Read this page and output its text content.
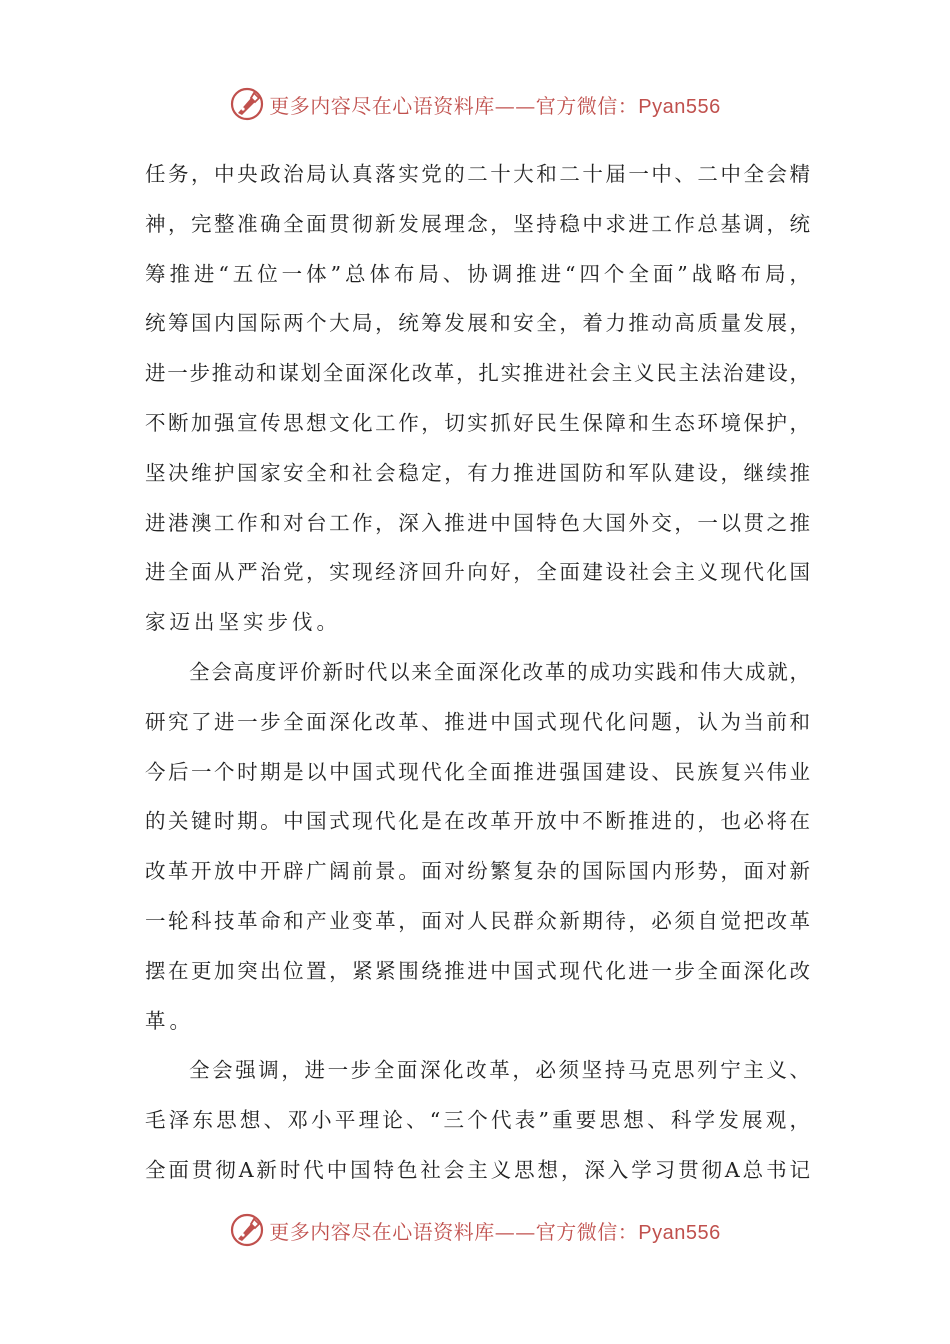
更多内容尽在心语资料库——官方微信：Pyan556
任务，中央政治局认真落实党的二十大和二十届一中、二中全会精
神，完整准确全面贯彻新发展理念，坚持稳中求进工作总基调，统
筹推进“五位一体”总体布局、协调推进“四个全面”战略布局，
统筹国内国际两个大局，统筹发展和安全，着力推动高质量发展，
进一步推动和谋划全面深化改革，扎实推进社会主义民主法治建设，
不断加强宣传思想文化工作，切实抓好民生保障和生态环境保护，
坚决维护国家安全和社会稳定，有力推进国防和军队建设，继续推
进港澳工作和对台工作，深入推进中国特色大国外交，一以贯之推
进全面从严治党，实现经济回升向好，全面建设社会主义现代化国
家迈出坚实步伐。
全会高度评价新时代以来全面深化改革的成功实践和伟大成就，
研究了进一步全面深化改革、推进中国式现代化问题，认为当前和
今后一个时期是以中国式现代化全面推进强国建设、民族复兴伟业
的关键时期。中国式现代化是在改革开放中不断推进的，也必将在
改革开放中开辟广阔前景。面对纷繁复杂的国际国内形势，面对新
一轮科技革命和产业变革，面对人民群众新期待，必须自觉把改革
摆在更加突出位置，紧紧围绕推进中国式现代化进一步全面深化改
革。
全会强调，进一步全面深化改革，必须坚持马克思列宁主义、
毛泽东思想、邓小平理论、“三个代表”重要思想、科学发展观，
全面贯彻A新时代中国特色社会主义思想，深入学习贯彻A总书记
更多内容尽在心语资料库——官方微信：Pyan556
